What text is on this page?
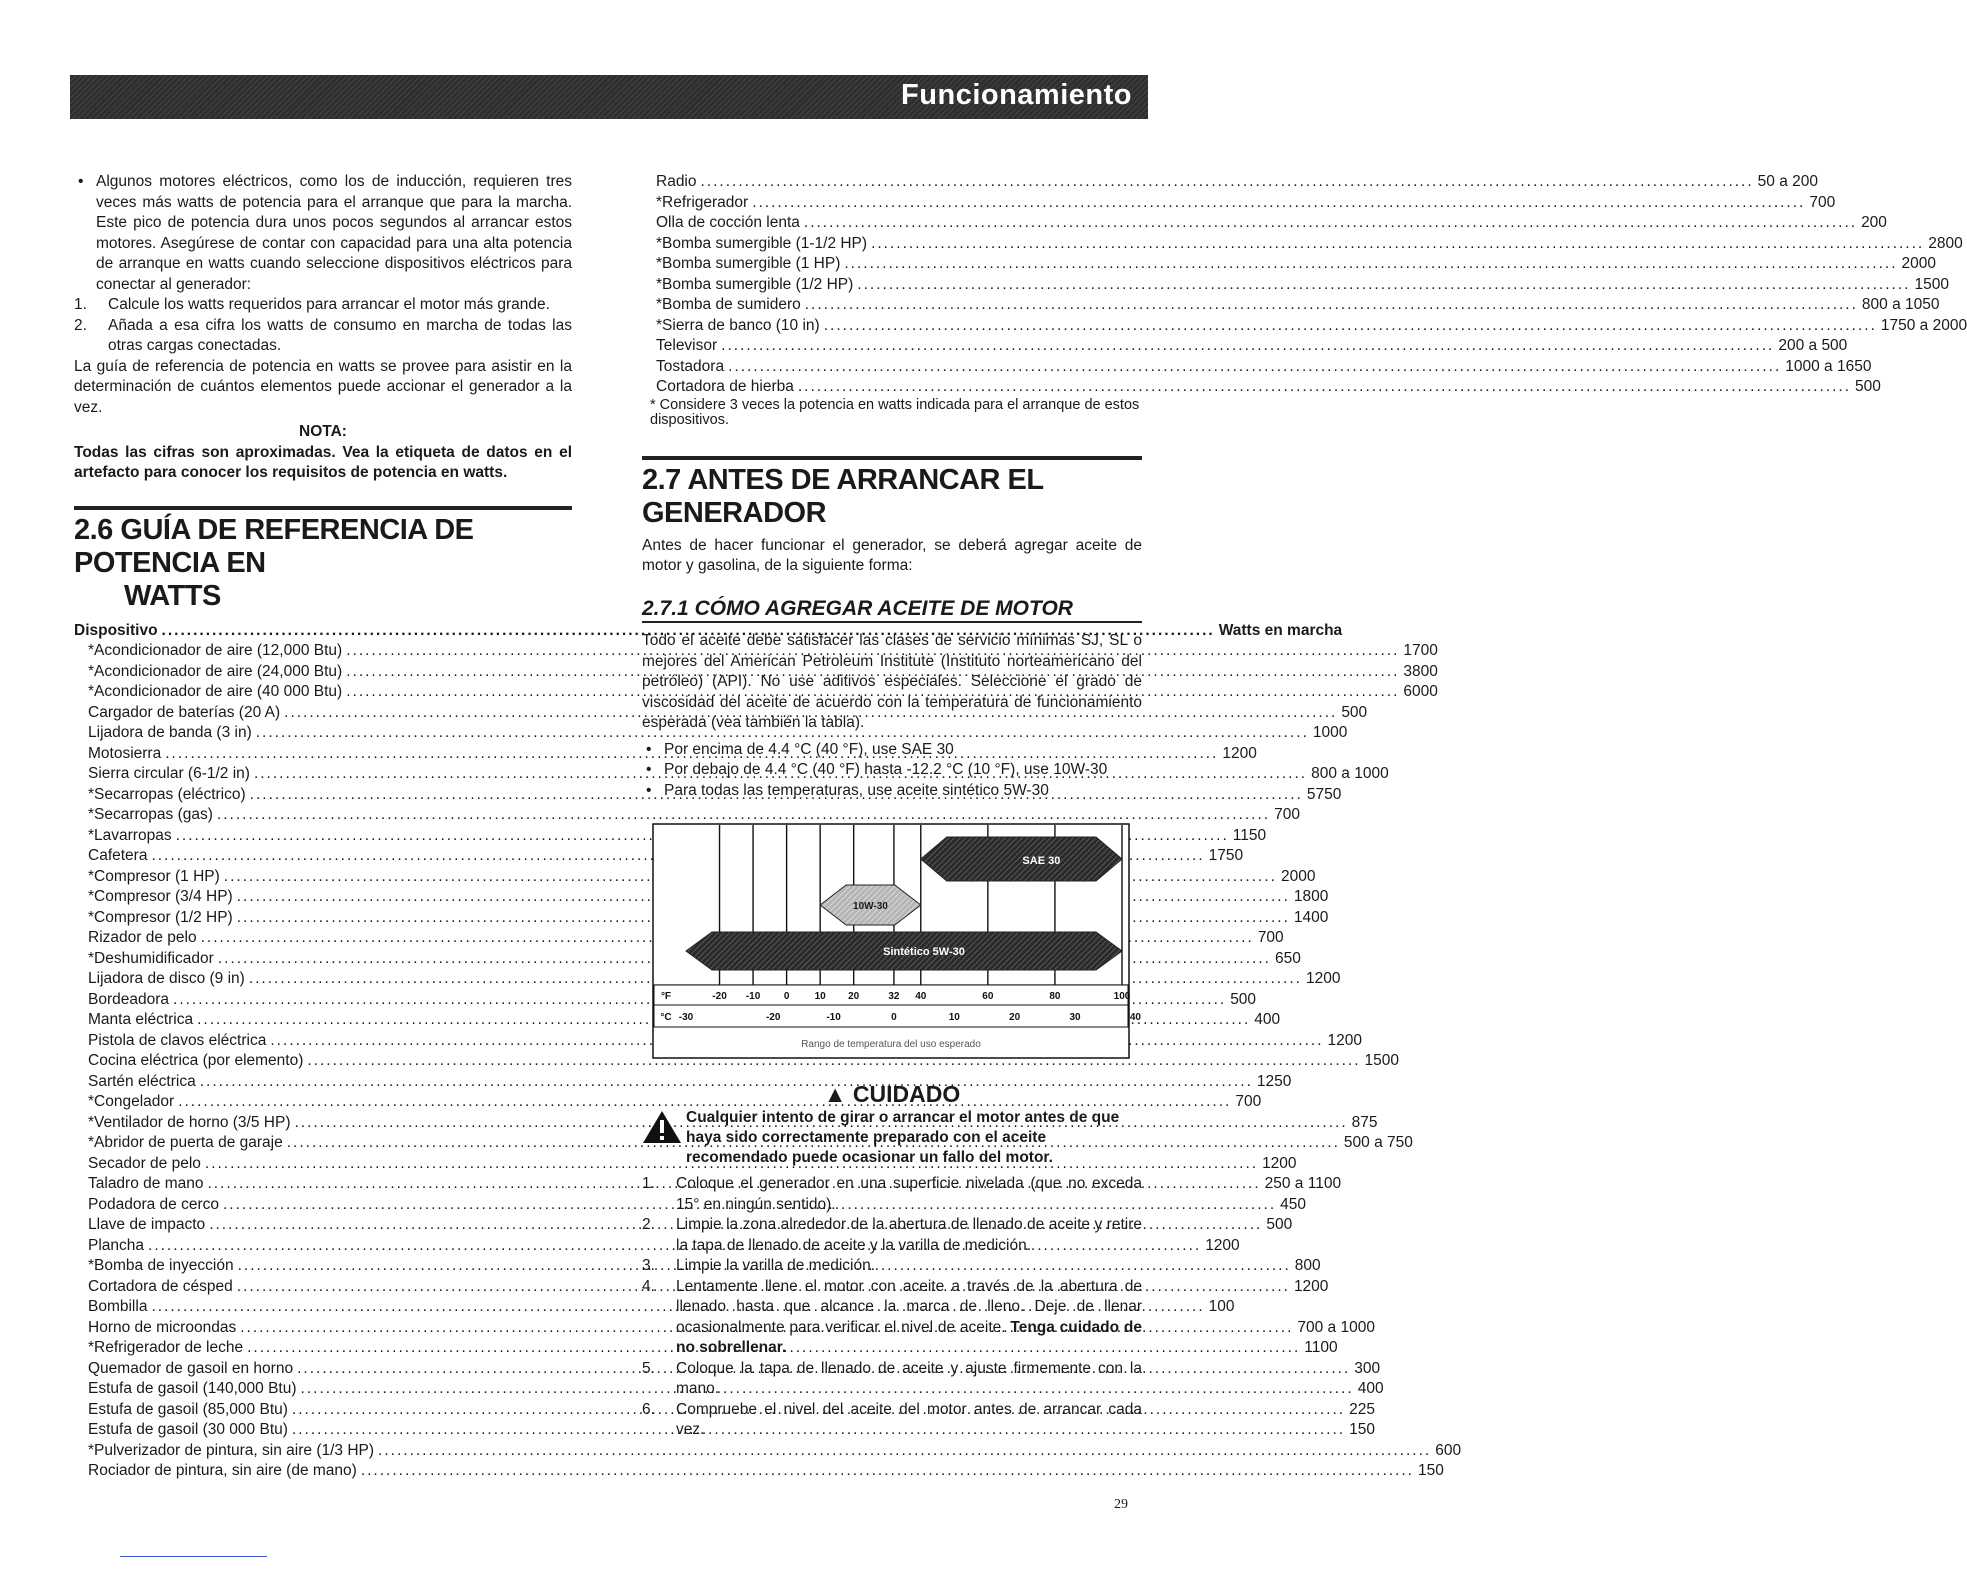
Funcionamiento

• Algunos motores eléctricos, como los de inducción, requieren tres veces más watts de potencia para el arranque que para la marcha. Este pico de potencia dura unos pocos segundos al arrancar estos motores. Asegúrese de contar con capacidad para una alta potencia de arranque en watts cuando seleccione dispositivos eléctricos para conectar al generador:

1. Calcule los watts requeridos para arrancar el motor más grande.

2. Añada a esa cifra los watts de consumo en marcha de todas las otras cargas conectadas.

La guía de referencia de potencia en watts se provee para asistir en la determinación de cuántos elementos puede accionar el generador a la vez.

NOTA:

Todas las cifras son aproximadas. Vea la etiqueta de datos en el artefacto para conocer los requisitos de potencia en watts.

2.6 GUÍA DE REFERENCIA DE POTENCIA EN
WATTS
Dispositivo .....	Watts en marcha
*Acondicionador de aire (12,000 Btu) .....	1700
*Acondicionador de aire (24,000 Btu) .....	3800
*Acondicionador de aire (40 000 Btu) .....	6000
Cargador de baterías (20 A) .....	500
Lijadora de banda (3 in) .....	1000
Motosierra .....	1200
Sierra circular (6-1/2 in) .....	800 a 1000
*Secarropas (eléctrico) .....	5750
*Secarropas (gas) .....	700
*Lavarropas .....	1150
Cafetera .....	1750
*Compresor (1 HP) .....	2000
*Compresor (3/4 HP) .....	1800
*Compresor (1/2 HP) .....	1400
Rizador de pelo .....	700
*Deshumidificador .....	650
Lijadora de disco (9 in) .....	1200
Bordeadora .....	500
Manta eléctrica .....	400
Pistola de clavos eléctrica .....	1200
Cocina eléctrica (por elemento) .....	1500
Sartén eléctrica .....	1250
*Congelador .....	700
*Ventilador de horno (3/5 HP) .....	875
*Abridor de puerta de garaje .....	500 a 750
Secador de pelo .....	1200
Taladro de mano .....	250 a 1100
Podadora de cerco .....	450
Llave de impacto .....	500
Plancha .....	1200
*Bomba de inyección .....	800
Cortadora de césped .....	1200
Bombilla .....	100
Horno de microondas .....	700 a 1000
*Refrigerador de leche .....	1100
Quemador de gasoil en horno .....	300
Estufa de gasoil (140,000 Btu) .....	400
Estufa de gasoil (85,000 Btu) .....	225
Estufa de gasoil (30 000 Btu) .....	150
*Pulverizador de pintura, sin aire (1/3 HP) .....	600
Rociador de pintura, sin aire (de mano) .....	150
Radio .....	50 a 200
*Refrigerador .....	700
Olla de cocción lenta .....	200
*Bomba sumergible (1-1/2 HP) .....	2800
*Bomba sumergible (1 HP) .....	2000
*Bomba sumergible (1/2 HP) .....	1500
*Bomba de sumidero .....	800 a 1050
*Sierra de banco (10 in) .....	1750 a 2000
Televisor .....	200 a 500
Tostadora .....	1000 a 1650
Cortadora de hierba .....	500

* Considere 3 veces la potencia en watts indicada para el arranque de estos dispositivos.

2.7 ANTES DE ARRANCAR EL GENERADOR

Antes de hacer funcionar el generador, se deberá agregar aceite de motor y gasolina, de la siguiente forma:

2.7.1 CÓMO AGREGAR ACEITE DE MOTOR

Todo el aceite debe satisfacer las clases de servicio mínimas SJ, SL o mejores del American Petroleum Institute (Instituto norteamericano del petróleo) (API). No use aditivos especiales. Seleccione el grado de viscosidad del aceite de acuerdo con la temperatura de funcionamiento esperada (vea también la tabla).

• Por encima de 4.4 °C (40 °F), use SAE 30

• Por debajo de 4.4 °C (40 °F) hasta -12.2 °C (10 °F), use 10W-30

• Para todas las temperaturas, use aceite sintético 5W-30

SAE 30
10W-30
Sintético 5W-30
°F	-20 -10 0	10 20	32 40	60	80	100
°C -30	-20	-10	0	10	20	30	40
Rango de temperatura del uso esperado
▲ CUIDADO
Cualquier intento de girar o arrancar el motor antes de que haya sido correctamente preparado con el aceite recomendado puede ocasionar un fallo del motor.

1. Coloque el generador en una superficie nivelada (que no exceda 15° en ningún sentido).

2. Limpie la zona alrededor de la abertura de llenado de aceite y retire la tapa de llenado de aceite y la varilla de medición.

3. Limpie la varilla de medición.

4. Lentamente llene el motor con aceite a través de la abertura de llenado hasta que alcance la marca de lleno. Deje de llenar ocasionalmente para verificar el nivel de aceite. Tenga cuidado de no sobrellenar.

5. Coloque la tapa de llenado de aceite y ajuste firmemente con la mano.

6. Compruebe el nivel del aceite del motor antes de arrancar cada vez.

29
